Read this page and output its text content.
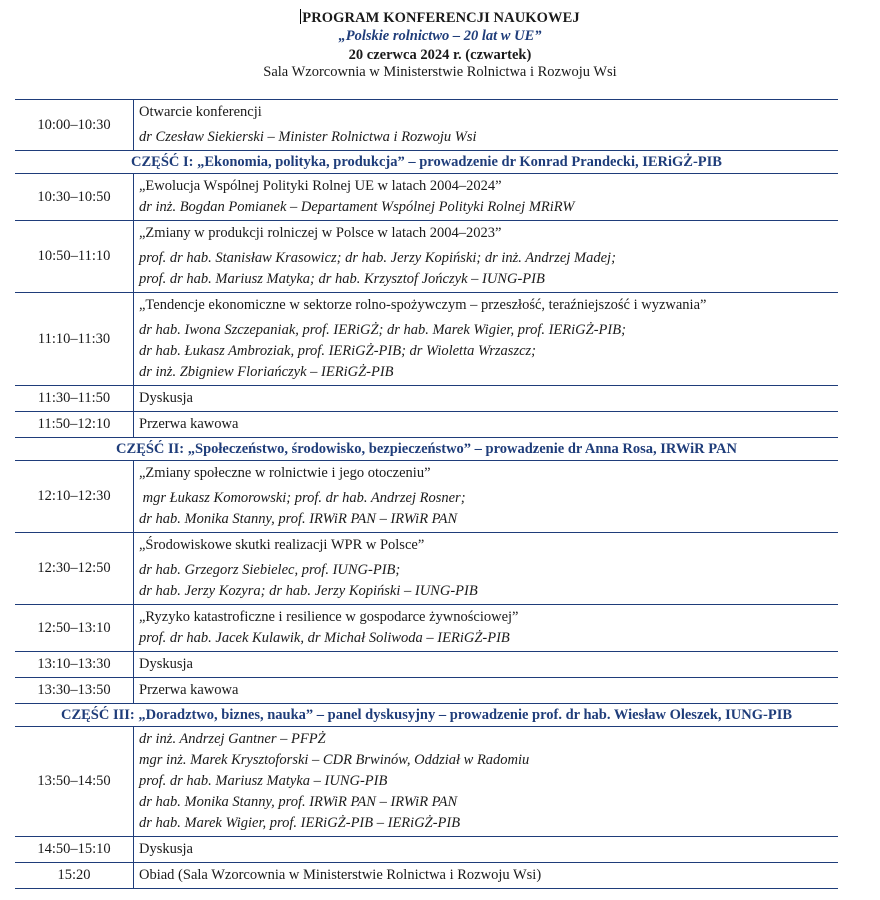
PROGRAM KONFERENCJI NAUKOWEJ
„Polskie rolnictwo – 20 lat w UE”
20 czerwca 2024 r. (czwartek)
Sala Wzorcownia w Ministerstwie Rolnictwa i Rozwoju Wsi
10:00–10:30	Otwarcie konferencji
dr Czesław Siekierski – Minister Rolnictwa i Rozwoju Wsi

CZĘŚĆ I: „Ekonomia, polityka, produkcja” – prowadzenie dr Konrad Prandecki, IERiGŻ-PIB	
10:30–10:50	„Ewolucja Wspólnej Polityki Rolnej UE w latach 2004–2024”
dr inż. Bogdan Pomianek – Departament Wspólnej Polityki Rolnej MRiRW

10:50–11:10	„Zmiany w produkcji rolniczej w Polsce w latach 2004–2023”
prof. dr hab. Stanisław Krasowicz; dr hab. Jerzy Kopiński; dr inż. Andrzej Madej;
prof. dr hab. Mariusz Matyka; dr hab. Krzysztof Jończyk – IUNG-PIB

11:10–11:30	„Tendencje ekonomiczne w sektorze rolno-spożywczym – przeszłość, teraźniejszość i wyzwania”
dr hab. Iwona Szczepaniak, prof. IERiGŻ; dr hab. Marek Wigier, prof. IERiGŻ-PIB;
dr hab. Łukasz Ambroziak, prof. IERiGŻ-PIB; dr Wioletta Wrzaszcz;
dr inż. Zbigniew Floriańczyk – IERiGŻ-PIB

11:30–11:50	Dyskusja
11:50–12:10	Przerwa kawowa
CZĘŚĆ II: „Społeczeństwo, środowisko, bezpieczeństwo” – prowadzenie dr Anna Rosa, IRWiR PAN	
12:10–12:30	„Zmiany społeczne w rolnictwie i jego otoczeniu”
mgr Łukasz Komorowski; prof. dr hab. Andrzej Rosner;
dr hab. Monika Stanny, prof. IRWiR PAN – IRWiR PAN

12:30–12:50	„Środowiskowe skutki realizacji WPR w Polsce”
dr hab. Grzegorz Siebielec, prof. IUNG-PIB;
dr hab. Jerzy Kozyra; dr hab. Jerzy Kopiński – IUNG-PIB

12:50–13:10	„Ryzyko katastroficzne i resilience w gospodarce żywnościowej”
prof. dr hab. Jacek Kulawik, dr Michał Soliwoda – IERiGŻ-PIB

13:10–13:30	Dyskusja
13:30–13:50	Przerwa kawowa
CZĘŚĆ III: „Doradztwo, biznes, nauka” – panel dyskusyjny – prowadzenie prof. dr hab. Wiesław Oleszek, IUNG-PIB	
13:50–14:50	dr inż. Andrzej Gantner – PFPŻ
mgr inż. Marek Krysztoforski – CDR Brwinów, Oddział w Radomiu
prof. dr hab. Mariusz Matyka – IUNG-PIB
dr hab. Monika Stanny, prof. IRWiR PAN – IRWiR PAN
dr hab. Marek Wigier, prof. IERiGŻ-PIB – IERiGŻ-PIB

14:50–15:10	Dyskusja
15:20	Obiad (Sala Wzorcownia w Ministerstwie Rolnictwa i Rozwoju Wsi)
